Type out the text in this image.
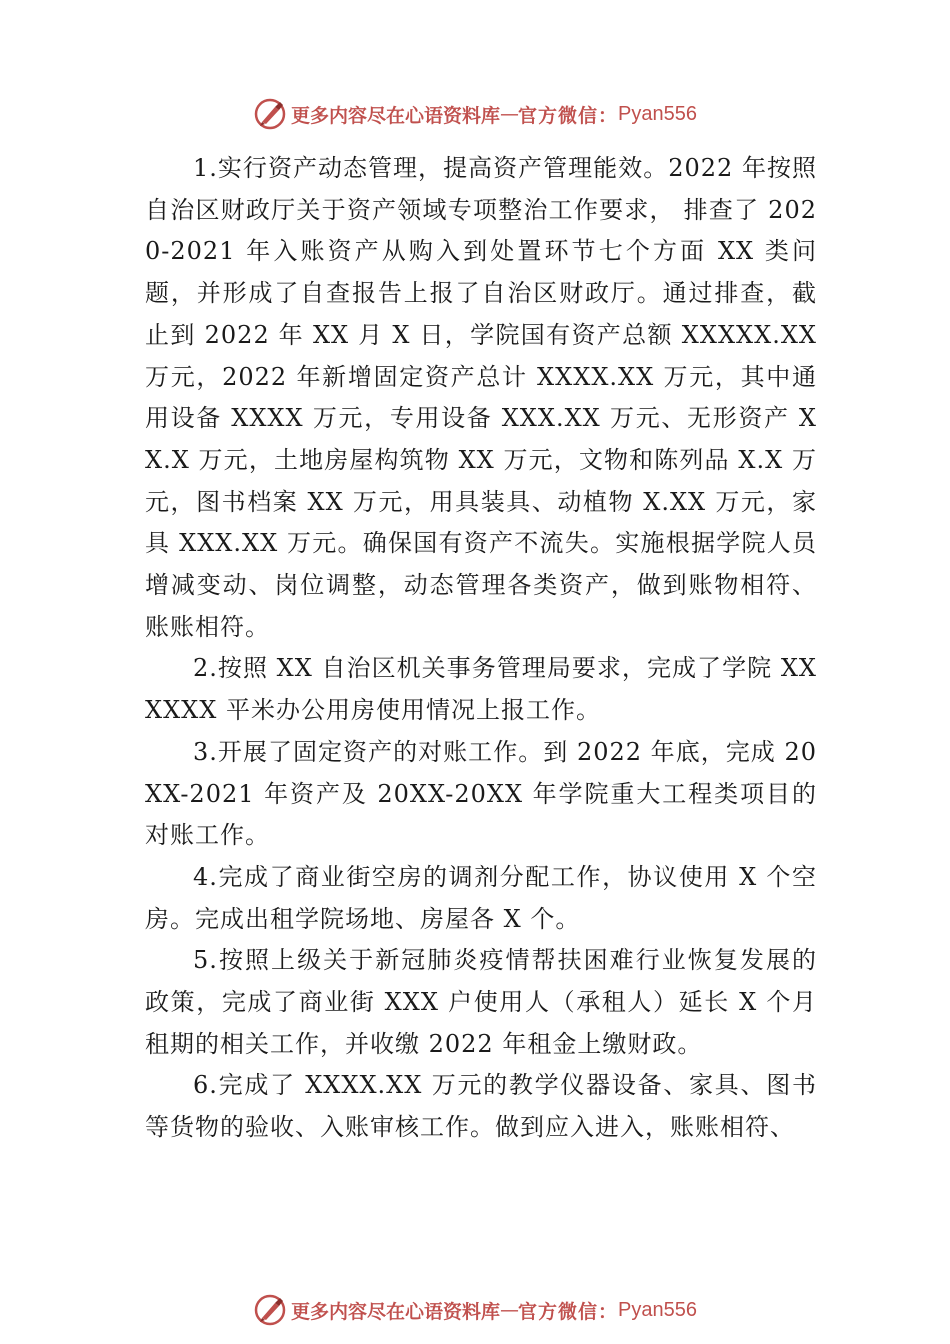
更多内容尽在心语资料库 — 官方微信： Pyan556

1.实行资产动态管理，提高资产管理能效。2022 年按照自治区财政厅关于资产领域专项整治工作要求， 排查了 2020-2021 年入账资产从购入到处置环节七个方面 XX 类问题，并形成了自查报告上报了自治区财政厅。通过排查，截止到 2022 年 XX 月 X 日，学院国有资产总额 XXXXX.XX 万元，2022 年新增固定资产总计 XXXX.XX 万元，其中通用设备 XXXX 万元，专用设备 XXX.XX 万元、无形资产 XX.X 万元，土地房屋构筑物 XX 万元，文物和陈列品 X.X 万元，图书档案 XX 万元，用具装具、动植物 X.XX 万元，家具 XXX.XX 万元。确保国有资产不流失。实施根据学院人员增减变动、岗位调整，动态管理各类资产，做到账物相符、账账相符。

2.按照 XX 自治区机关事务管理局要求，完成了学院 XXXXXX 平米办公用房使用情况上报工作。

3.开展了固定资产的对账工作。到 2022 年底，完成 20XX-2021 年资产及 20XX-20XX 年学院重大工程类项目的对账工作。

4.完成了商业街空房的调剂分配工作，协议使用 X 个空房。完成出租学院场地、房屋各 X 个。

5.按照上级关于新冠肺炎疫情帮扶困难行业恢复发展的政策，完成了商业街 XXX 户使用人（承租人）延长 X 个月租期的相关工作，并收缴 2022 年租金上缴财政。

6.完成了 XXXX.XX 万元的教学仪器设备、家具、图书等货物的验收、入账审核工作。做到应入进入，账账相符、

更多内容尽在心语资料库 — 官方微信： Pyan556
